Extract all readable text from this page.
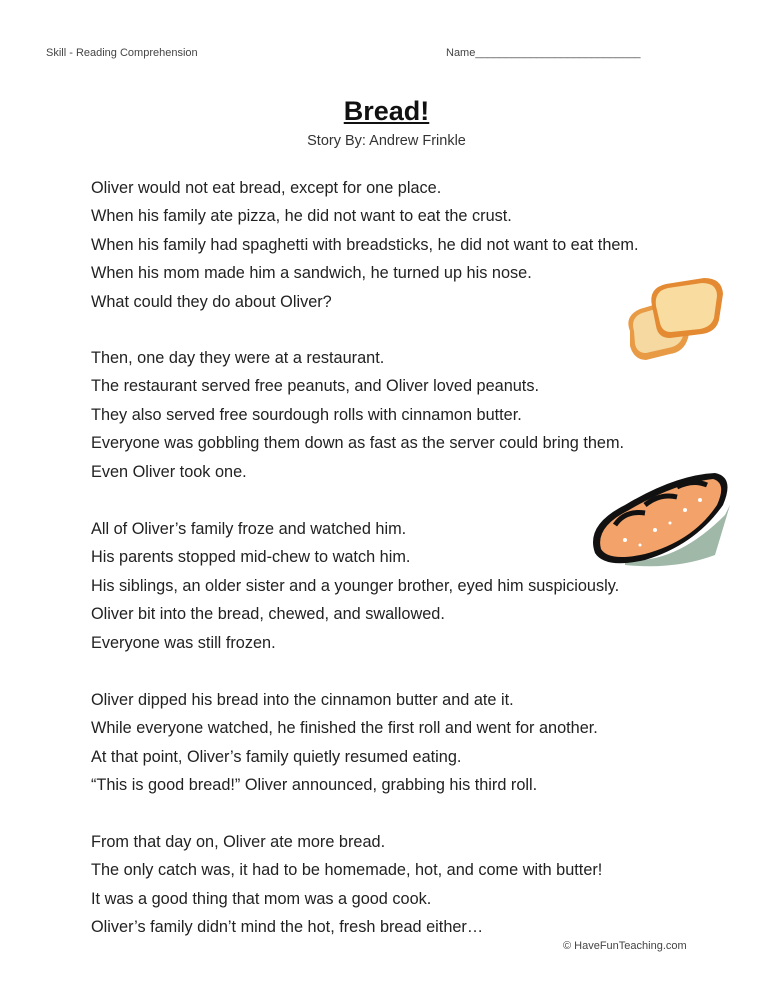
Skill - Reading Comprehension	Name___________________________
Bread!
Story By: Andrew Frinkle
Oliver would not eat bread, except for one place.
When his family ate pizza, he did not want to eat the crust.
When his family had spaghetti with breadsticks, he did not want to eat them.
When his mom made him a sandwich, he turned up his nose.
What could they do about Oliver?
Then, one day they were at a restaurant.
The restaurant served free peanuts, and Oliver loved peanuts.
They also served free sourdough rolls with cinnamon butter.
Everyone was gobbling them down as fast as the server could bring them.
Even Oliver took one.
All of Oliver’s family froze and watched him.
His parents stopped mid-chew to watch him.
His siblings, an older sister and a younger brother, eyed him suspiciously.
Oliver bit into the bread, chewed, and swallowed.
Everyone was still frozen.
Oliver dipped his bread into the cinnamon butter and ate it.
While everyone watched, he finished the first roll and went for another.
At that point, Oliver’s family quietly resumed eating.
“This is good bread!” Oliver announced, grabbing his third roll.
From that day on, Oliver ate more bread.
The only catch was, it had to be homemade, hot, and come with butter!
It was a good thing that mom was a good cook.
Oliver’s family didn’t mind the hot, fresh bread either…
© HaveFunTeaching.com
